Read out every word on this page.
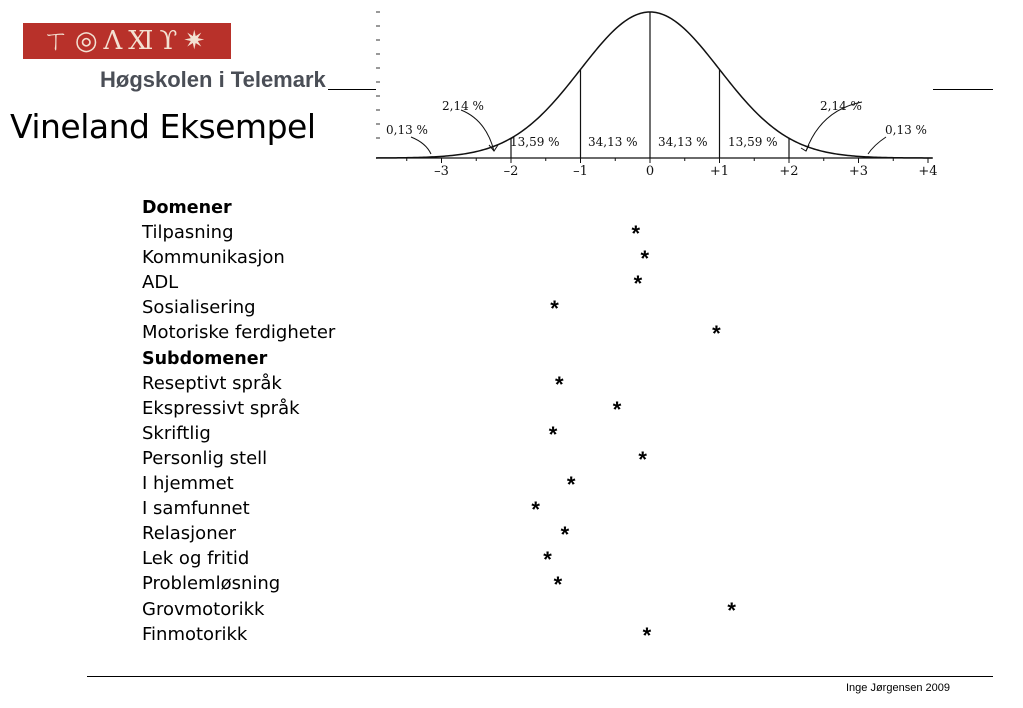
ㄒ◎ΛⅪϒ✷
Høgskolen i Telemark
Vineland Eksempel	0,13 %
2,14 %
13,59 % 34,13 % 34,13 % 13,59 %
2,14 %
0,13 %
–3	–2	–1	0	+1	+2	+3	+4
Domener
Tilpasning	*
Kommunikasjon	*
ADL	*
Sosialisering	*
Motoriske ferdigheter	*
Subdomener
Reseptivt språk	*
Ekspressivt språk	*
Skriftlig	*
Personlig stell	*
I hjemmet	*
I samfunnet	*
Relasjoner	*
Lek og fritid	*
Problemløsning	*
Grovmotorikk	*
Finmotorikk	*
Inge Jørgensen 2009
